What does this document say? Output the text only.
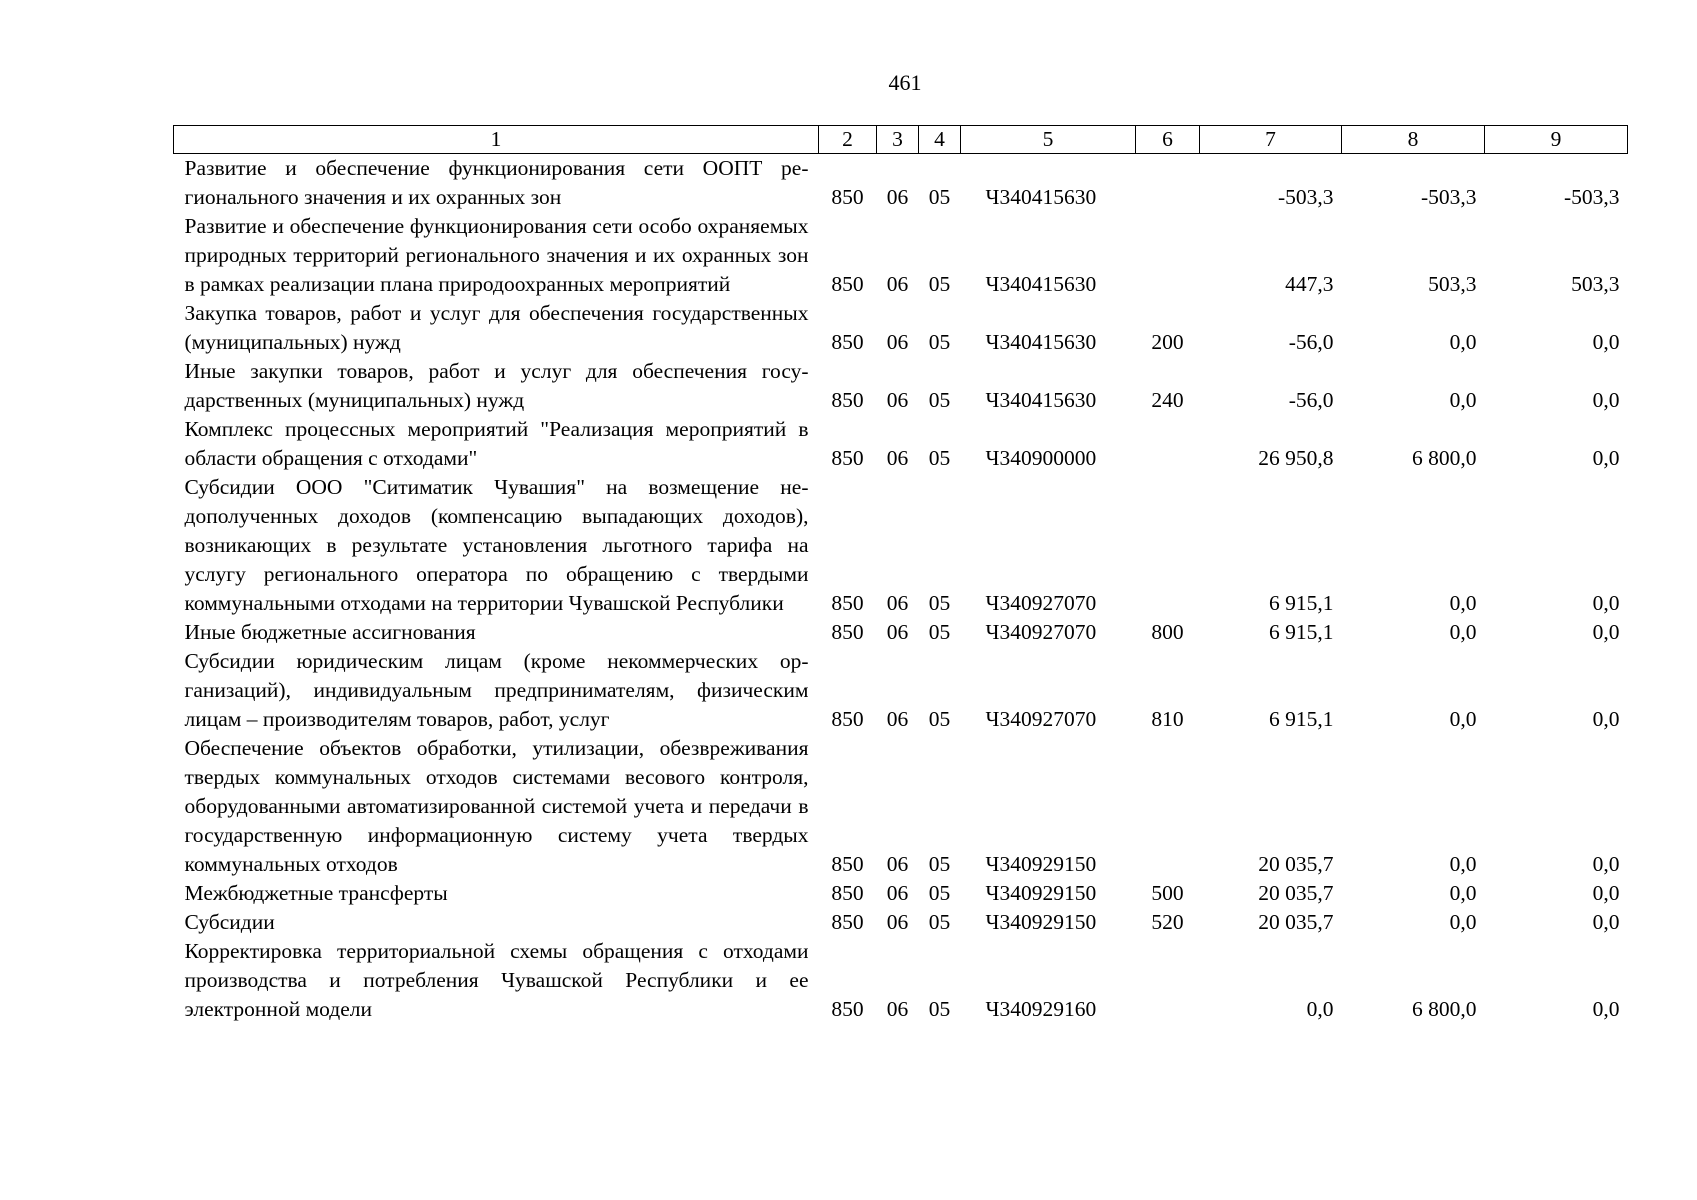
461
1	2	3	4	5	6	7	8	9
Развитие и обеспечение функционирования сети ООПТ регионального значения и их охранных зон	850	06	05	Ч340415630		-503,3	-503,3	-503,3
Развитие и обеспечение функционирования сети особо охраняемых природных территорий регионального значения и их охранных зон в рамках реализации плана природоохранных мероприятий	850	06	05	Ч340415630		447,3	503,3	503,3
Закупка товаров, работ и услуг для обеспечения государственных (муниципальных) нужд	850	06	05	Ч340415630	200	-56,0	0,0	0,0
Иные закупки товаров, работ и услуг для обеспечения государственных (муниципальных) нужд	850	06	05	Ч340415630	240	-56,0	0,0	0,0
Комплекс процессных мероприятий "Реализация мероприятий в области обращения с отходами"	850	06	05	Ч340900000		26 950,8	6 800,0	0,0
Субсидии ООО "Ситиматик Чувашия" на возмещение недополученных доходов (компенсацию выпадающих доходов), возникающих в результате установления льготного тарифа на услугу регионального оператора по обращению с твердыми коммунальными отходами на территории Чувашской Республики	850	06	05	Ч340927070		6 915,1	0,0	0,0
Иные бюджетные ассигнования	850	06	05	Ч340927070	800	6 915,1	0,0	0,0
Субсидии юридическим лицам (кроме некоммерческих организаций), индивидуальным предпринимателям, физическим лицам – производителям товаров, работ, услуг	850	06	05	Ч340927070	810	6 915,1	0,0	0,0
Обеспечение объектов обработки, утилизации, обезвреживания твердых коммунальных отходов системами весового контроля, оборудованными автоматизированной системой учета и передачи в государственную информационную систему учета твердых коммунальных отходов	850	06	05	Ч340929150		20 035,7	0,0	0,0
Межбюджетные трансферты	850	06	05	Ч340929150	500	20 035,7	0,0	0,0
Субсидии	850	06	05	Ч340929150	520	20 035,7	0,0	0,0
Корректировка территориальной схемы обращения с отходами производства и потребления Чувашской Республики и ее электронной модели	850	06	05	Ч340929160		0,0	6 800,0	0,0
